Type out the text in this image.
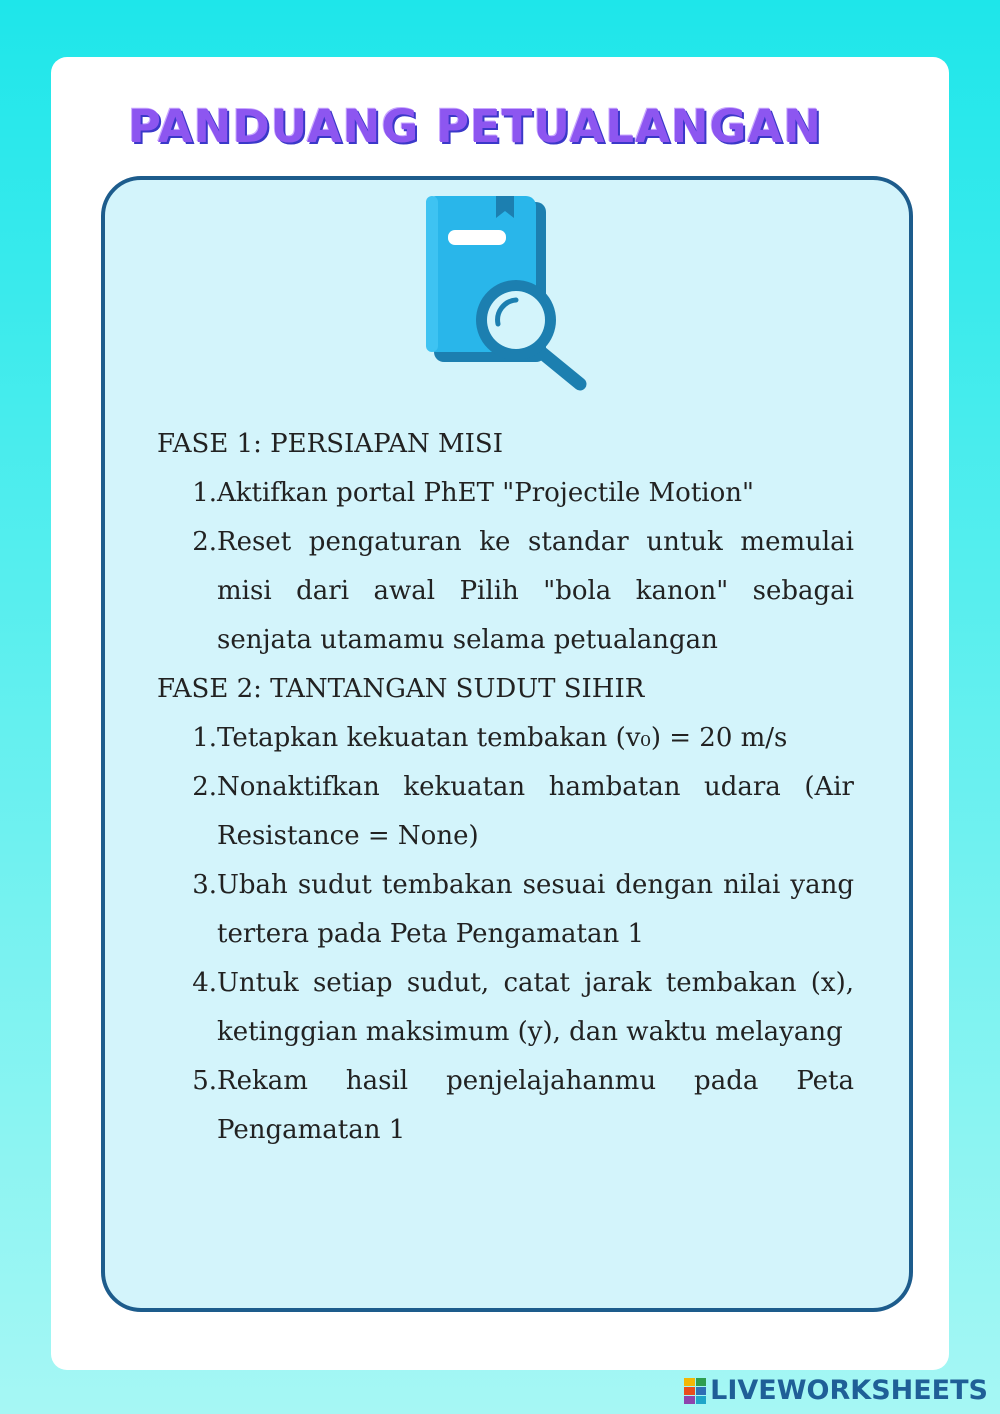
PANDUANG PETUALANGAN

FASE 1: PERSIAPAN MISI

1. Aktifkan portal PhET "Projectile Motion"
2. Reset pengaturan ke standar untuk memulai misi dari awal Pilih "bola kanon" sebagai senjata utamamu selama petualangan

FASE 2: TANTANGAN SUDUT SIHIR

1. Tetapkan kekuatan tembakan (v₀) = 20 m/s
2. Nonaktifkan kekuatan hambatan udara (Air Resistance = None)
3. Ubah sudut tembakan sesuai dengan nilai yang tertera pada Peta Pengamatan 1
4. Untuk setiap sudut, catat jarak tembakan (x), ketinggian maksimum (y), dan waktu melayang
5. Rekam hasil penjelajahanmu pada Peta Pengamatan 1
LIVEWORKSHEETS
